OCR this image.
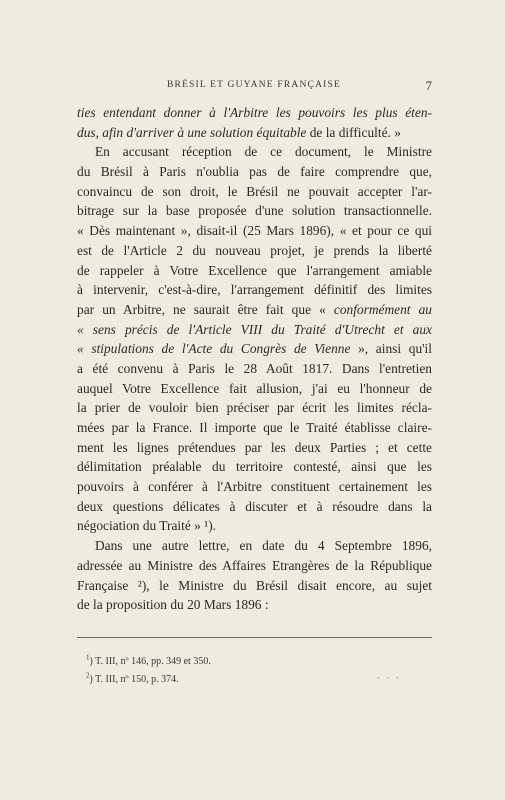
BRÉSIL ET GUYANE FRANÇAISE	7
ties entendant donner à l'Arbitre les pouvoirs les plus éten-
dus, afin d'arriver à une solution équitable de la difficulté. »
En accusant réception de ce document, le Ministre
du Brésil à Paris n'oublia pas de faire comprendre que,
convaincu de son droit, le Brésil ne pouvait accepter l'ar-
bitrage sur la base proposée d'une solution transactionnelle.
« Dès maintenant », disait-il (25 Mars 1896), « et pour ce qui
est de l'Article 2 du nouveau projet, je prends la liberté
de rappeler à Votre Excellence que l'arrangement amiable
à intervenir, c'est-à-dire, l'arrangement définitif des limites
par un Arbitre, ne saurait être fait que « conformément au
« sens précis de l'Article VIII du Traité d'Utrecht et aux
« stipulations de l'Acte du Congrès de Vienne », ainsi qu'il
a été convenu à Paris le 28 Août 1817. Dans l'entretien
auquel Votre Excellence fait allusion, j'ai eu l'honneur de
la prier de vouloir bien préciser par écrit les limites récla-
mées par la France. Il importe que le Traité établisse claire-
ment les lignes prétendues par les deux Parties ; et cette
délimitation préalable du territoire contesté, ainsi que les
pouvoirs à conférer à l'Arbitre constituent certainement les
deux questions délicates à discuter et à résoudre dans la
négociation du Traité » ¹).
Dans une autre lettre, en date du 4 Septembre 1896,
adressée au Ministre des Affaires Etrangères de la République
Française ²), le Ministre du Brésil disait encore, au sujet
de la proposition du 20 Mars 1896 :
$^1$) T. III, nº 146, pp. 349 et 350.
$^2$) T. III, nº 150, p. 374.	- - -
